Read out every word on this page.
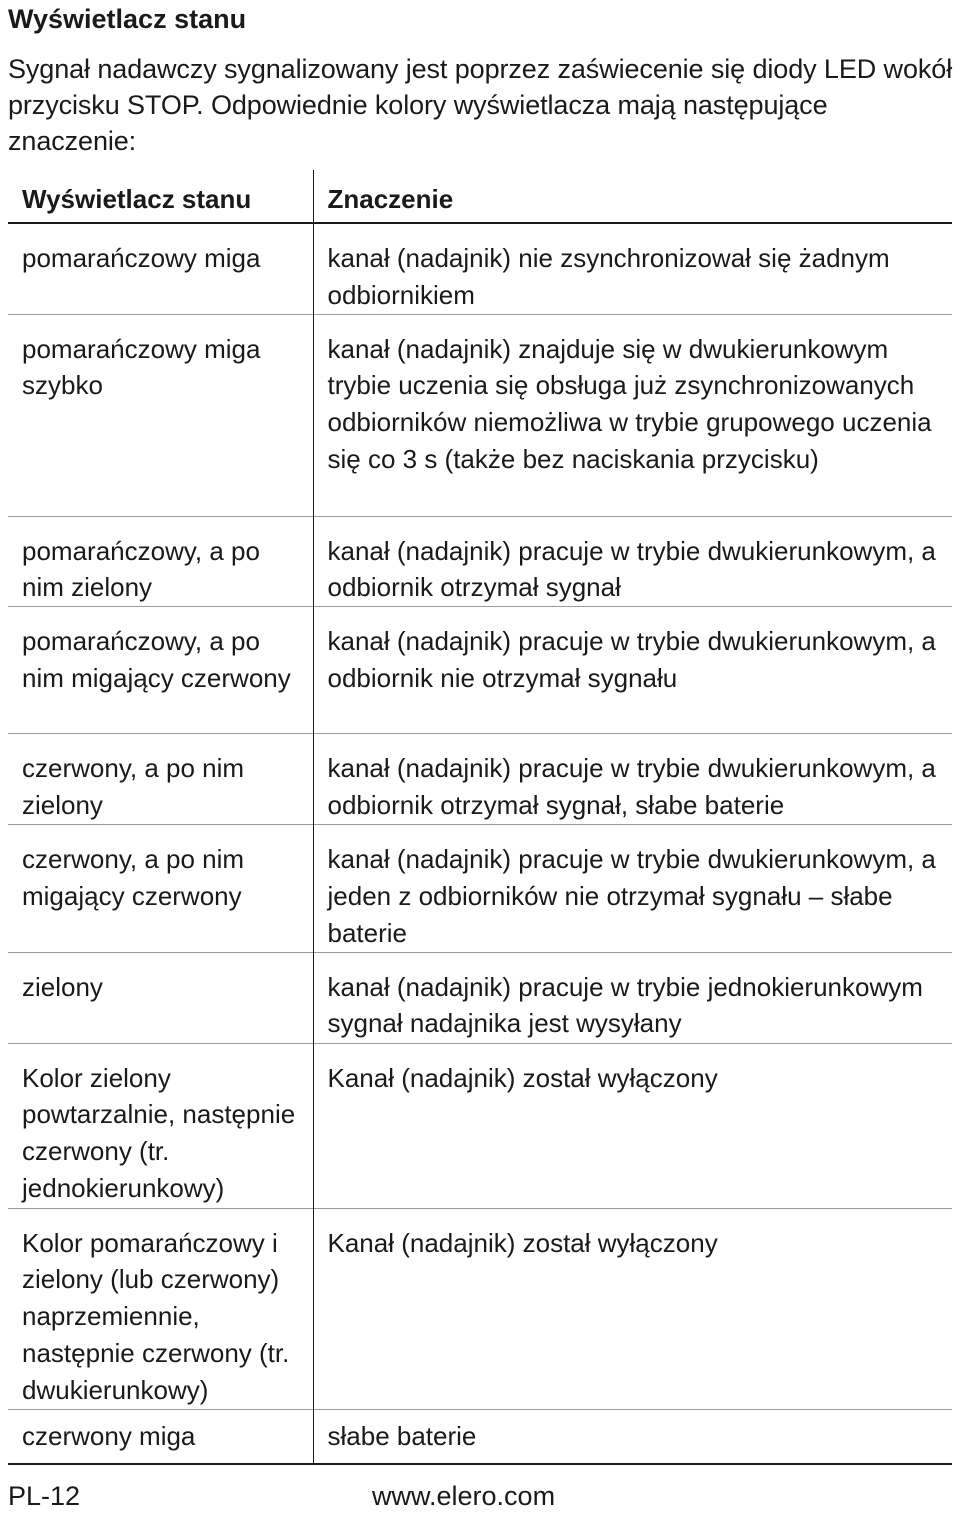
Wyświetlacz stanu

Sygnał nadawczy sygnalizowany jest poprzez zaświecenie się diody LED wokół przycisku STOP. Odpowiednie kolory wyświetlacza mają następujące znaczenie:

Wyświetlacz stanu	Znaczenie
pomarańczowy miga	kanał (nadajnik) nie zsynchronizował się żadnym odbiornikiem
pomarańczowy miga szybko	kanał (nadajnik) znajduje się w dwukierunkowym trybie uczenia się obsługa już zsynchronizowanych odbiorników niemożliwa w trybie grupowego uczenia się co 3 s (także bez naciskania przycisku)
pomarańczowy, a po nim zielony	kanał (nadajnik) pracuje w trybie dwukierunkowym, a odbiornik otrzymał sygnał
pomarańczowy, a po nim migający czerwony	kanał (nadajnik) pracuje w trybie dwukierunkowym, a odbiornik nie otrzymał sygnału
czerwony, a po nim zielony	kanał (nadajnik) pracuje w trybie dwukierunkowym, a odbiornik otrzymał sygnał, słabe baterie
czerwony, a po nim migający czerwony	kanał (nadajnik) pracuje w trybie dwukierunkowym, a jeden z odbiorników nie otrzymał sygnału – słabe baterie
zielony	kanał (nadajnik) pracuje w trybie jednokierunkowym sygnał nadajnika jest wysyłany
Kolor zielony powtarzalnie, następnie czerwony (tr. jednokierunkowy)	Kanał (nadajnik) został wyłączony
Kolor pomarańczowy i zielony (lub czerwony) naprzemiennie, następnie czerwony (tr. dwukierunkowy)	Kanał (nadajnik) został wyłączony
czerwony miga	słabe baterie
PL-12	www.elero.com
